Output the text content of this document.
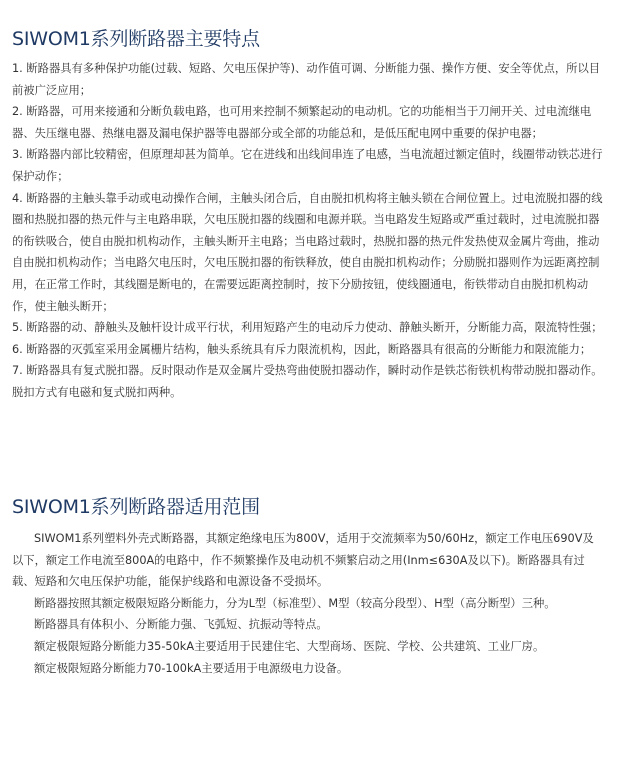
SIWOM1系列断路器主要特点

1. 断路器具有多种保护功能(过载、短路、欠电压保护等)、动作值可调、分断能力强、操作方便、安全等优点，所以目前被广泛应用；

2. 断路器，可用来接通和分断负载电路，也可用来控制不频繁起动的电动机。它的功能相当于刀闸开关、过电流继电器、失压继电器、热继电器及漏电保护器等电器部分或全部的功能总和，是低压配电网中重要的保护电器；

3. 断路器内部比较精密，但原理却甚为简单。它在进线和出线间串连了电感，当电流超过额定值时，线圈带动铁芯进行保护动作；

4. 断路器的主触头靠手动或电动操作合闸，主触头闭合后，自由脱扣机构将主触头锁在合闸位置上。过电流脱扣器的线圈和热脱扣器的热元件与主电路串联，欠电压脱扣器的线圈和电源并联。当电路发生短路或严重过载时，过电流脱扣器的衔铁吸合，使自由脱扣机构动作，主触头断开主电路；当电路过载时，热脱扣器的热元件发热使双金属片弯曲，推动自由脱扣机构动作；当电路欠电压时，欠电压脱扣器的衔铁释放，使自由脱扣机构动作；分励脱扣器则作为远距离控制用，在正常工作时，其线圈是断电的，在需要远距离控制时，按下分励按钮，使线圈通电，衔铁带动自由脱扣机构动作，使主触头断开；

5. 断路器的动、静触头及触杆设计成平行状，利用短路产生的电动斥力使动、静触头断开，分断能力高，限流特性强；

6. 断路器的灭弧室采用金属栅片结构，触头系统具有斥力限流机构，因此，断路器具有很高的分断能力和限流能力；

7. 断路器具有复式脱扣器。反时限动作是双金属片受热弯曲使脱扣器动作，瞬时动作是铁芯衔铁机构带动脱扣器动作。脱扣方式有电磁和复式脱扣两种。

SIWOM1系列断路器适用范围

SIWOM1系列塑料外壳式断路器，其额定绝缘电压为800V，适用于交流频率为50/60Hz，额定工作电压690V及以下，额定工作电流至800A的电路中，作不频繁操作及电动机不频繁启动之用(Inm≤630A及以下)。断路器具有过载、短路和欠电压保护功能，能保护线路和电源设备不受损坏。

断路器按照其额定极限短路分断能力，分为L型（标准型）、M型（较高分段型）、H型（高分断型）三种。

断路器具有体积小、分断能力强、飞弧短、抗振动等特点。

额定极限短路分断能力35-50kA主要适用于民建住宅、大型商场、医院、学校、公共建筑、工业厂房。

额定极限短路分断能力70-100kA主要适用于电源级电力设备。
